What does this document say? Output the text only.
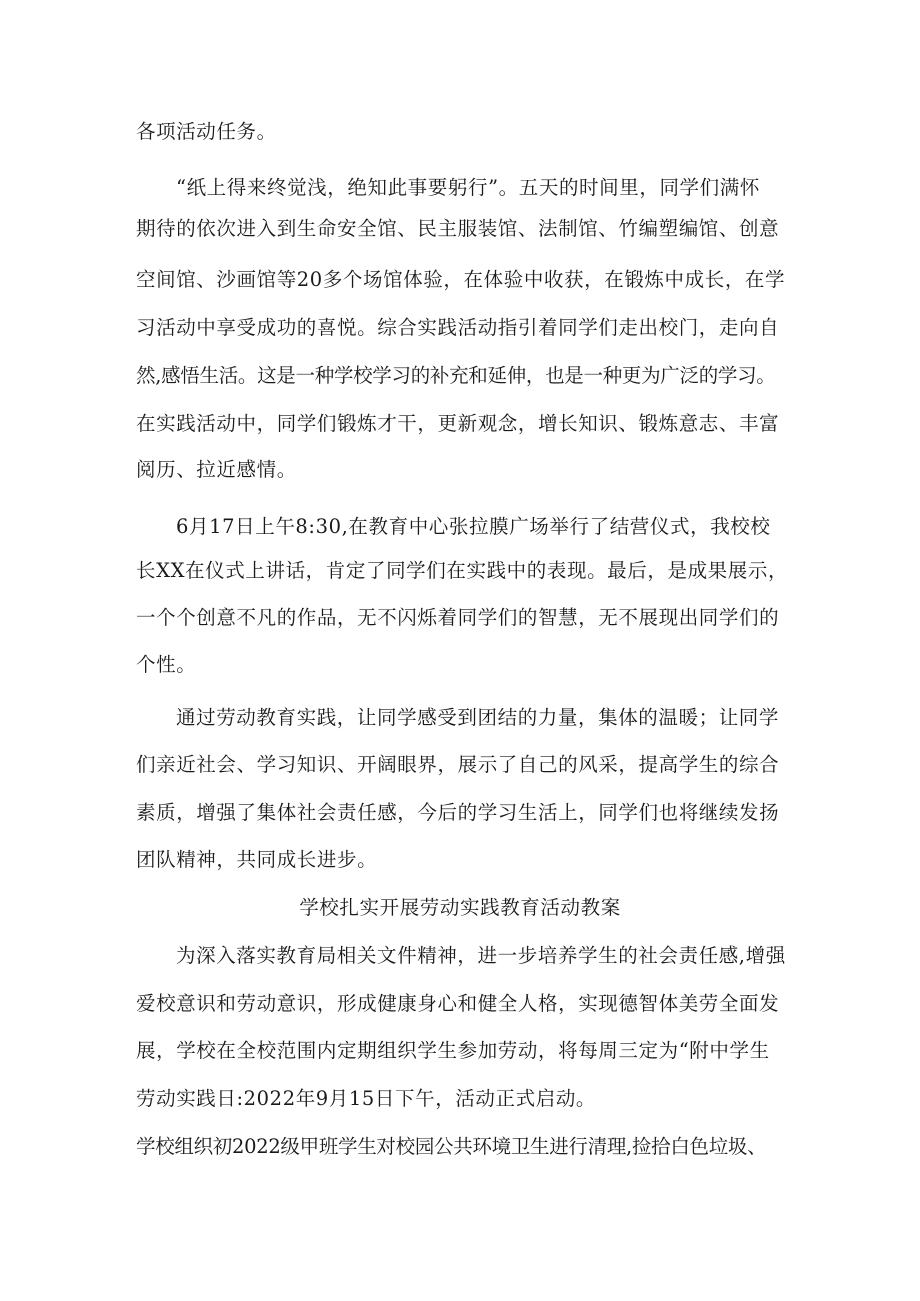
各项活动任务。
“纸上得来终觉浅，绝知此事要躬行”。五天的时间里，同学们满怀
期待的依次进入到生命安全馆、民主服装馆、法制馆、竹编塑编馆、创意
空间馆、沙画馆等20多个场馆体验，在体验中收获，在锻炼中成长，在学
习活动中享受成功的喜悦。综合实践活动指引着同学们走出校门，走向自
然,感悟生活。这是一种学校学习的补充和延伸，也是一种更为广泛的学习。
在实践活动中，同学们锻炼才干，更新观念，增长知识、锻炼意志、丰富
阅历、拉近感情。
6月17日上午8:30,在教育中心张拉膜广场举行了结营仪式，我校校
长XX在仪式上讲话，肯定了同学们在实践中的表现。最后，是成果展示，
一个个创意不凡的作品，无不闪烁着同学们的智慧，无不展现出同学们的
个性。
通过劳动教育实践，让同学感受到团结的力量，集体的温暖；让同学
们亲近社会、学习知识、开阔眼界，展示了自己的风采，提高学生的综合
素质，增强了集体社会责任感，今后的学习生活上，同学们也将继续发扬
团队精神，共同成长进步。
学校扎实开展劳动实践教育活动教案
为深入落实教育局相关文件精神，进一步培养学生的社会责任感,增强
爱校意识和劳动意识，形成健康身心和健全人格，实现德智体美劳全面发
展，学校在全校范围内定期组织学生参加劳动，将每周三定为“附中学生
劳动实践日:2022年9月15日下午，活动正式启动。
学校组织初2022级甲班学生对校园公共环境卫生进行清理,捡拾白色垃圾、
